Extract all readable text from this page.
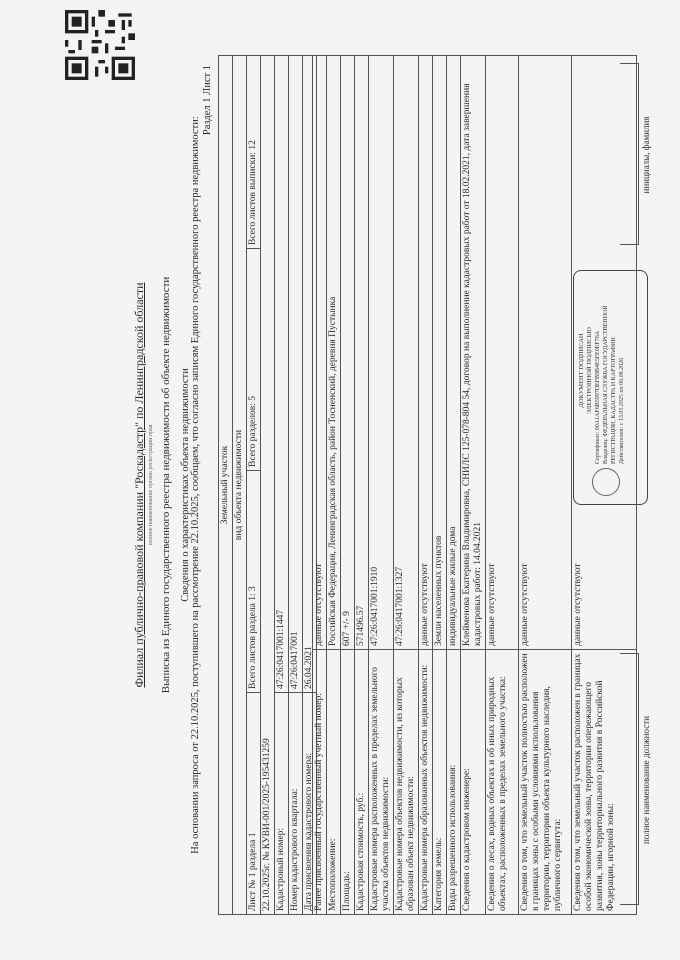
Филиал публично-правовой компании "Роскадастр" по Ленинградской области полное наименование органа регистрации прав Выписка из Единого государственного реестра недвижимости об объекте недвижимости Сведения о характеристиках объекта недвижимости На основании запроса от 22.10.2025, поступившего на рассмотрение 22.10.2025, сообщаем, что согласно записям Единого государственного реестра недвижимости:
Раздел 1 Лист 1
Земельный участок			
вид объекта недвижимости			
Лист № 1 раздела 1	Всего листов раздела 1: 3	Всего разделов: 5	Всего листов выписки: 12
22.10.2025г. № КУВИ-001/2025-195431259			
Кадастровый номер:	47:26:0417001:1447		
Номер кадастрового квартала:	47:26:0417001		
Дата присвоения кадастрового номера:	26.04.2021		
Ранее присвоенный государственный учетный номер:	данные отсутствуют
Местоположение:	Российская Федерация, Ленинградская область, район Тосненский, деревня Пустынка
Площадь:	607 +/- 9
Кадастровая стоимость, руб.:	571496.57
Кадастровые номера расположенных в пределах земельного участка объектов недвижимости:	47:26:0417001:1910
Кадастровые номера объектов недвижимости, из которых образован объект недвижимости:	47:26:0417001:1327
Кадастровые номера образованных объектов недвижимости:	данные отсутствуют
Категория земель:	Земли населенных пунктов
Виды разрешенного использования:	индивидуальные жилые дома
Сведения о кадастровом инженере:	Клейменова Екатерина Владимировна, СНИЛС 125-078-804 54, договор на выполнение кадастровых работ от 18.02.2021, дата завершения кадастровых работ: 14.04.2021
Сведения о лесах, водных объектах и об иных природных объектах, расположенных в пределах земельного участка:	данные отсутствуют
Сведения о том, что земельный участок полностью расположен в границах зоны с особыми условиями использования территории, территории объекта культурного наследия, публичного сервитута:	данные отсутствуют
Сведения о том, что земельный участок расположен в границах особой экономической зоны, территории опережающего развития, зоны территориального развития в Российской Федерации, игорной зоны:	данные отсутствуют
полное наименование должности
инициалы, фамилия
ДОКУМЕНТ ПОДПИСАН ЭЛЕКТРОННОЙ ПОДПИСЬЮ Сертификат: 00A1AF6B5997DEFB9B4E5FE0EF76A Владелец: ФЕДЕРАЛЬНАЯ СЛУЖБА ГОСУДАРСТВЕННОЙ РЕГИСТРАЦИИ, КАДАСТРА И КАРТОГРАФИИ Действителен: с 13.05.2025 по 06.08.2026
